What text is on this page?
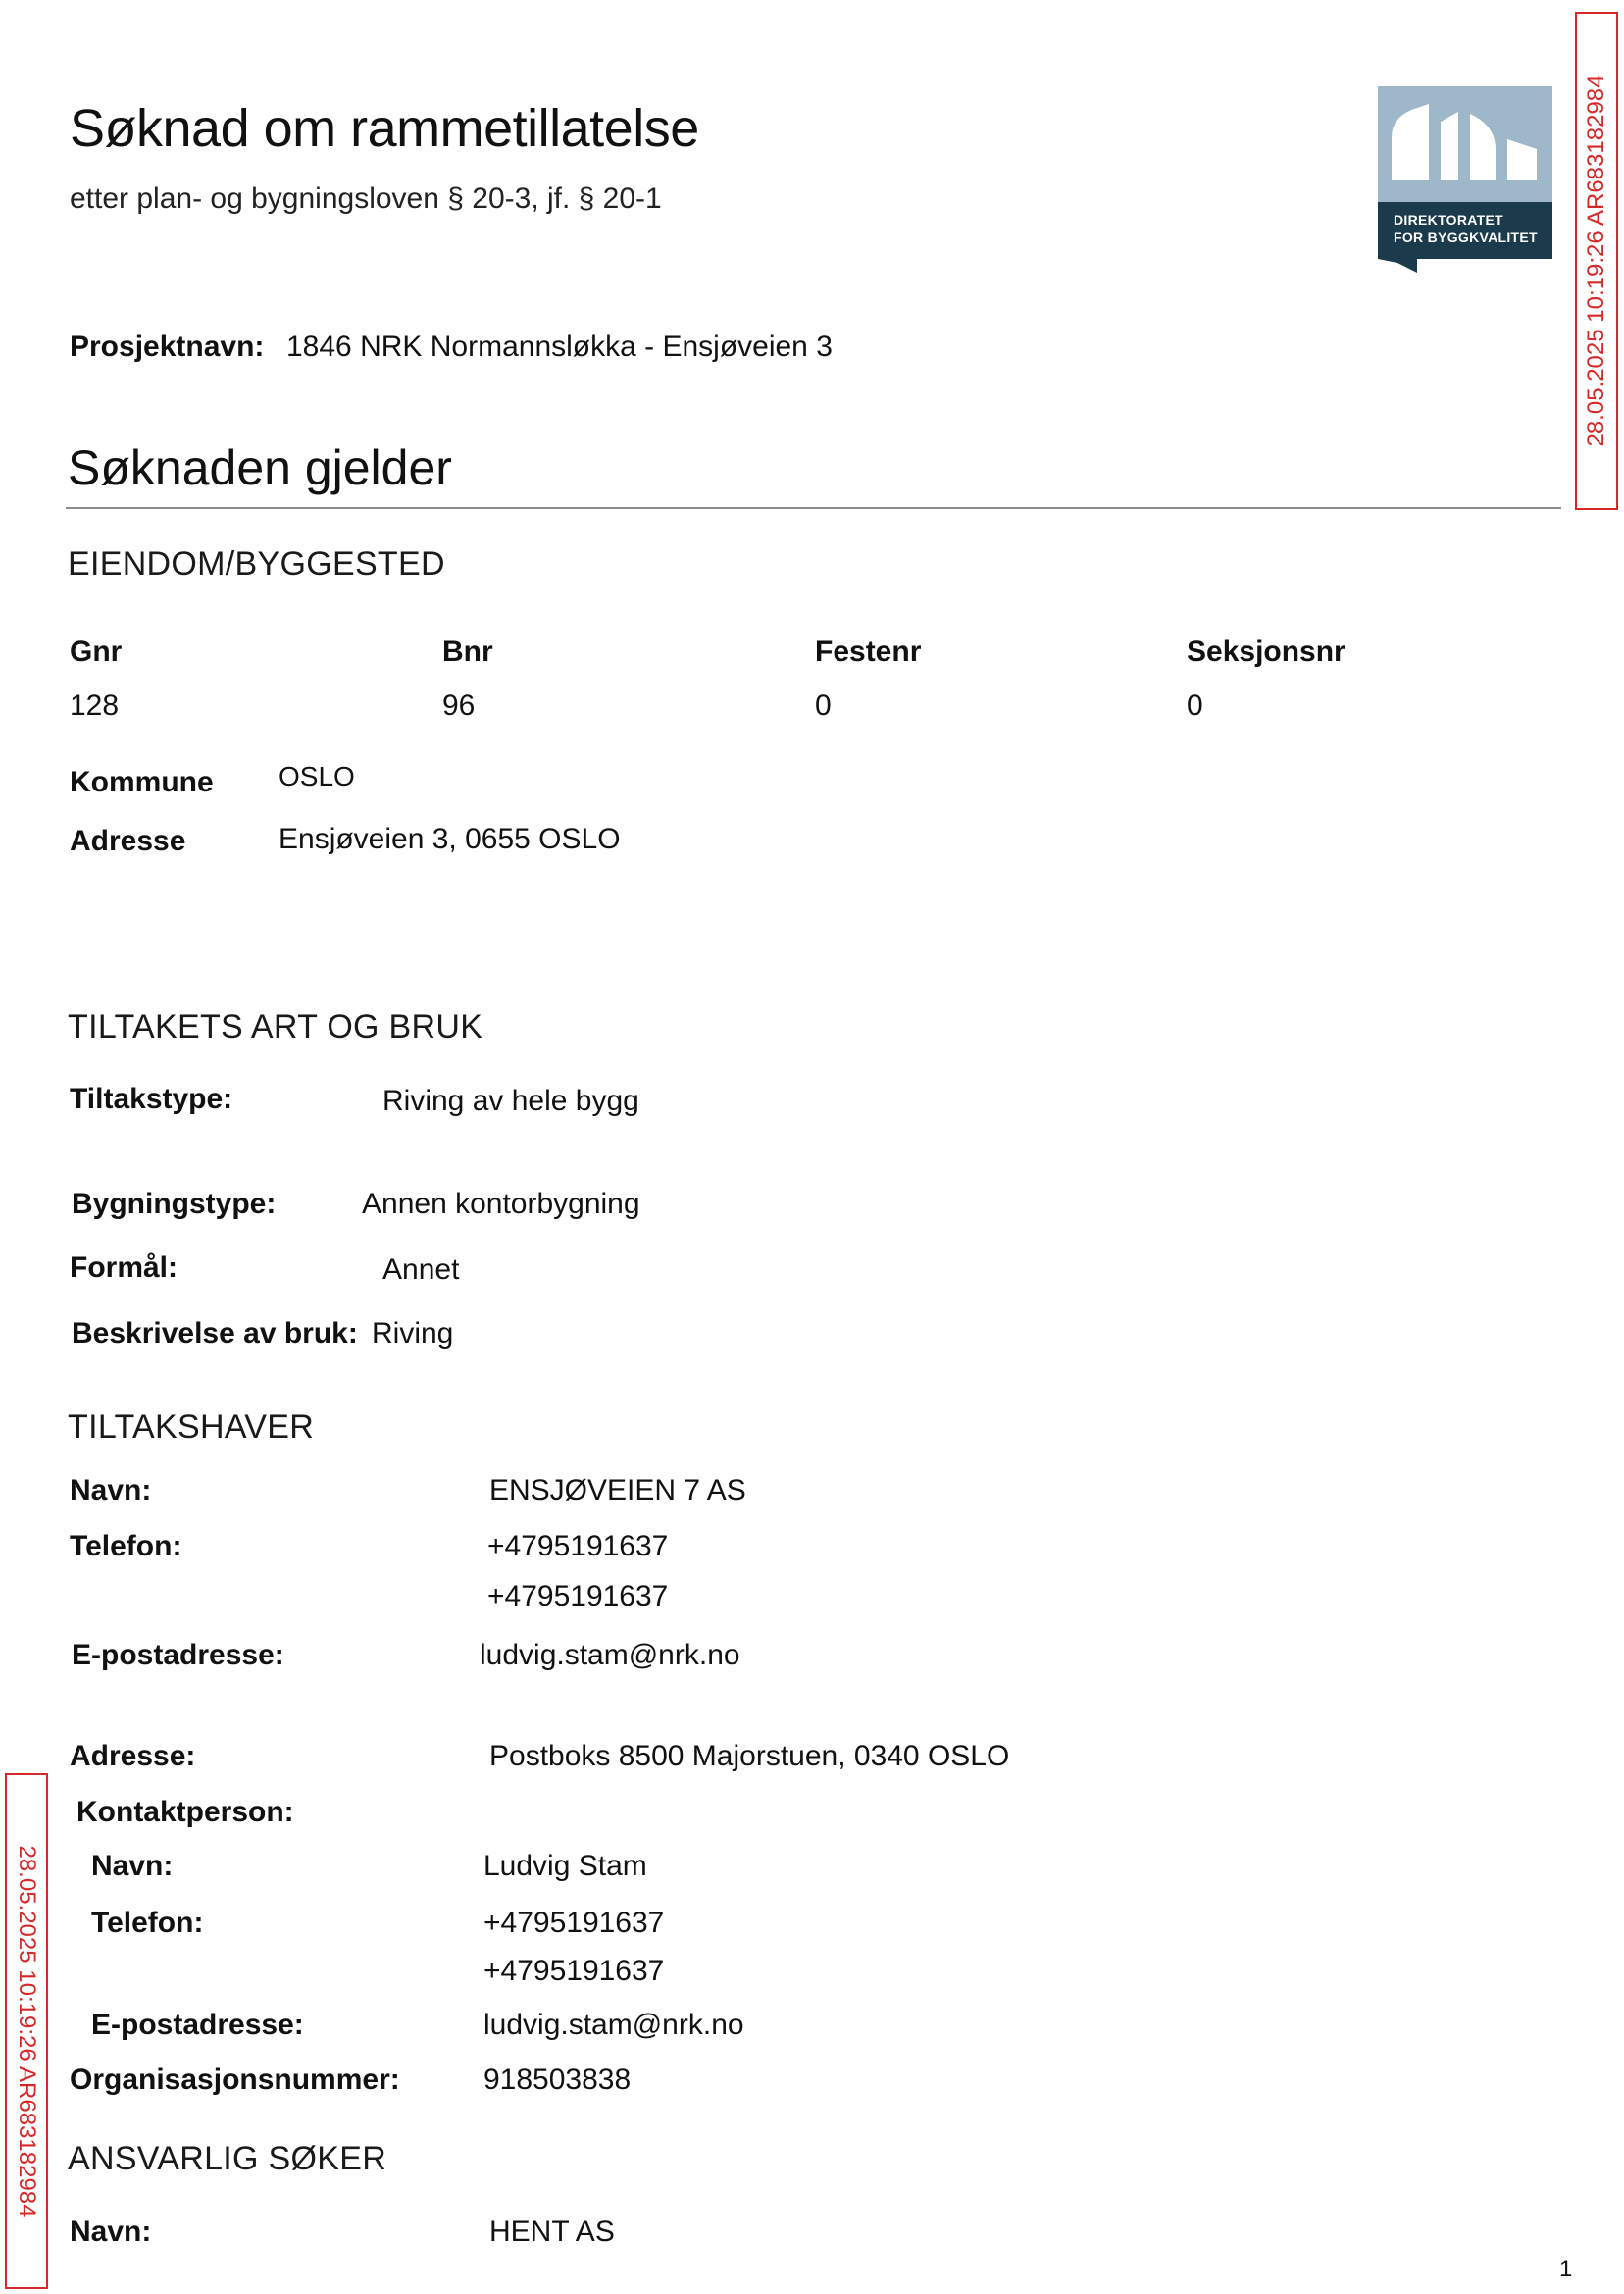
Søknad om rammetillatelse
etter plan- og bygningsloven § 20-3, jf. § 20-1
DIREKTORATET
FOR BYGGKVALITET 28.05.2025 10:19:26 AR683182984
Prosjektnavn: 1846 NRK Normannsløkka - Ensjøveien 3
Søknaden gjelder
EIENDOM/BYGGESTED
Gnr	Bnr	Festenr	Seksjonsnr
128	96	0	0
Kommune OSLO
Adresse	Ensjøveien 3, 0655 OSLO
TILTAKETS ART OG BRUK
Tiltakstype:	Riving av hele bygg
Bygningstype:	Annen kontorbygning
Formål:	Annet
Beskrivelse av bruk: Riving
TILTAKSHAVER
Navn:	ENSJØVEIEN 7 AS
Telefon:	+4795191637
+4795191637
E-postadresse:	ludvig.stam@nrk.no
Adresse:	Postboks 8500 Majorstuen, 0340 OSLO
Kontaktperson:
Navn:	Ludvig Stam
Telefon:	+4795191637
+4795191637
E-postadresse:	ludvig.stam@nrk.no
Organisasjonsnummer:	918503838
ANSVARLIG SØKER
Navn:	HENT AS
28.05.2025 10:19:26 AR683182984
1
